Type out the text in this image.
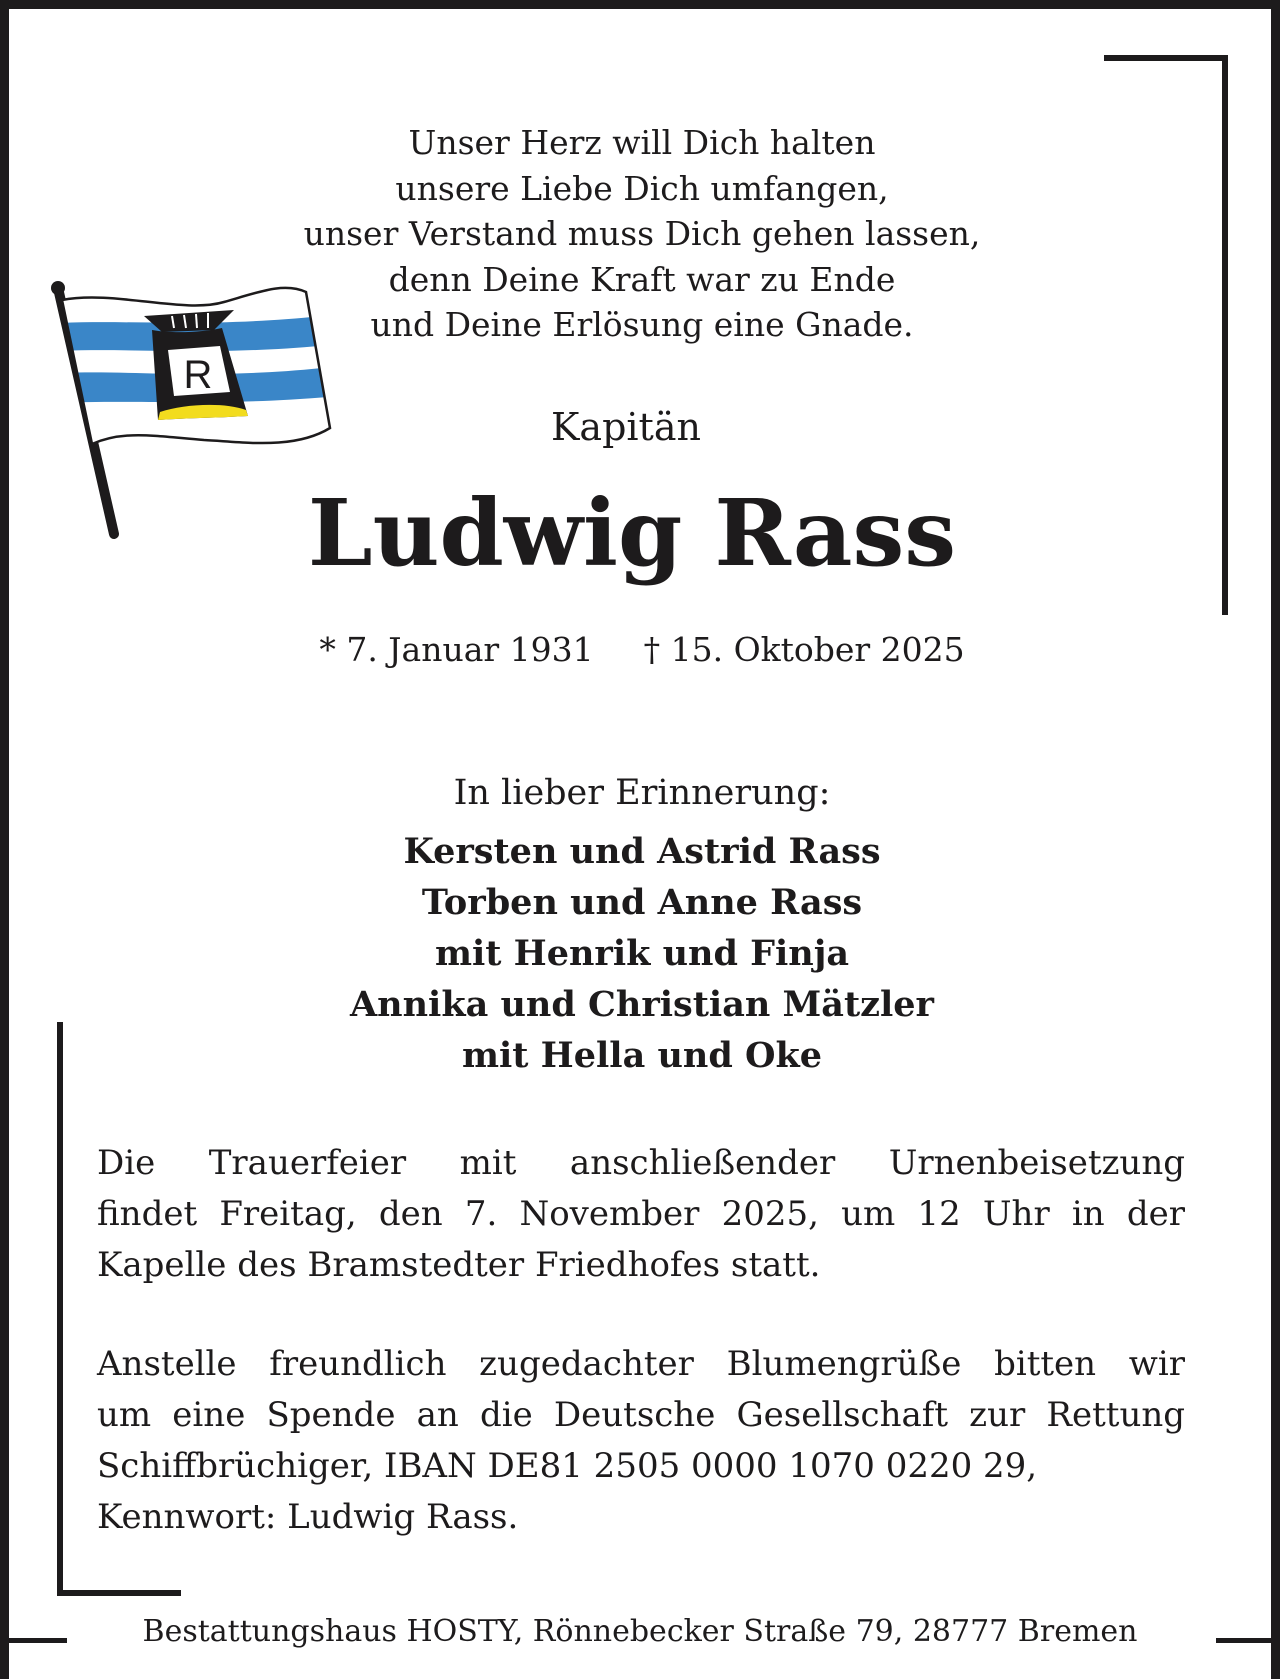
R
Unser Herz will Dich halten
unsere Liebe Dich umfangen,
unser Verstand muss Dich gehen lassen,
denn Deine Kraft war zu Ende
und Deine Erlösung eine Gnade.
Kapitän
Ludwig Rass
* 7. Januar 1931 † 15. Oktober 2025
In lieber Erinnerung:
Kersten und Astrid Rass
Torben und Anne Rass
mit Henrik und Finja
Annika und Christian Mätzler
mit Hella und Oke
Die Trauerfeier mit anschließender Urnenbeisetzung
findet Freitag, den 7. November 2025, um 12 Uhr in der
Kapelle des Bramstedter Friedhofes statt.
Anstelle freundlich zugedachter Blumengrüße bitten wir
um eine Spende an die Deutsche Gesellschaft zur Rettung
Schiffbrüchiger, IBAN DE81 2505 0000 1070 0220 29,
Kennwort: Ludwig Rass.
Bestattungshaus HOSTY, Rönnebecker Straße 79, 28777 Bremen
